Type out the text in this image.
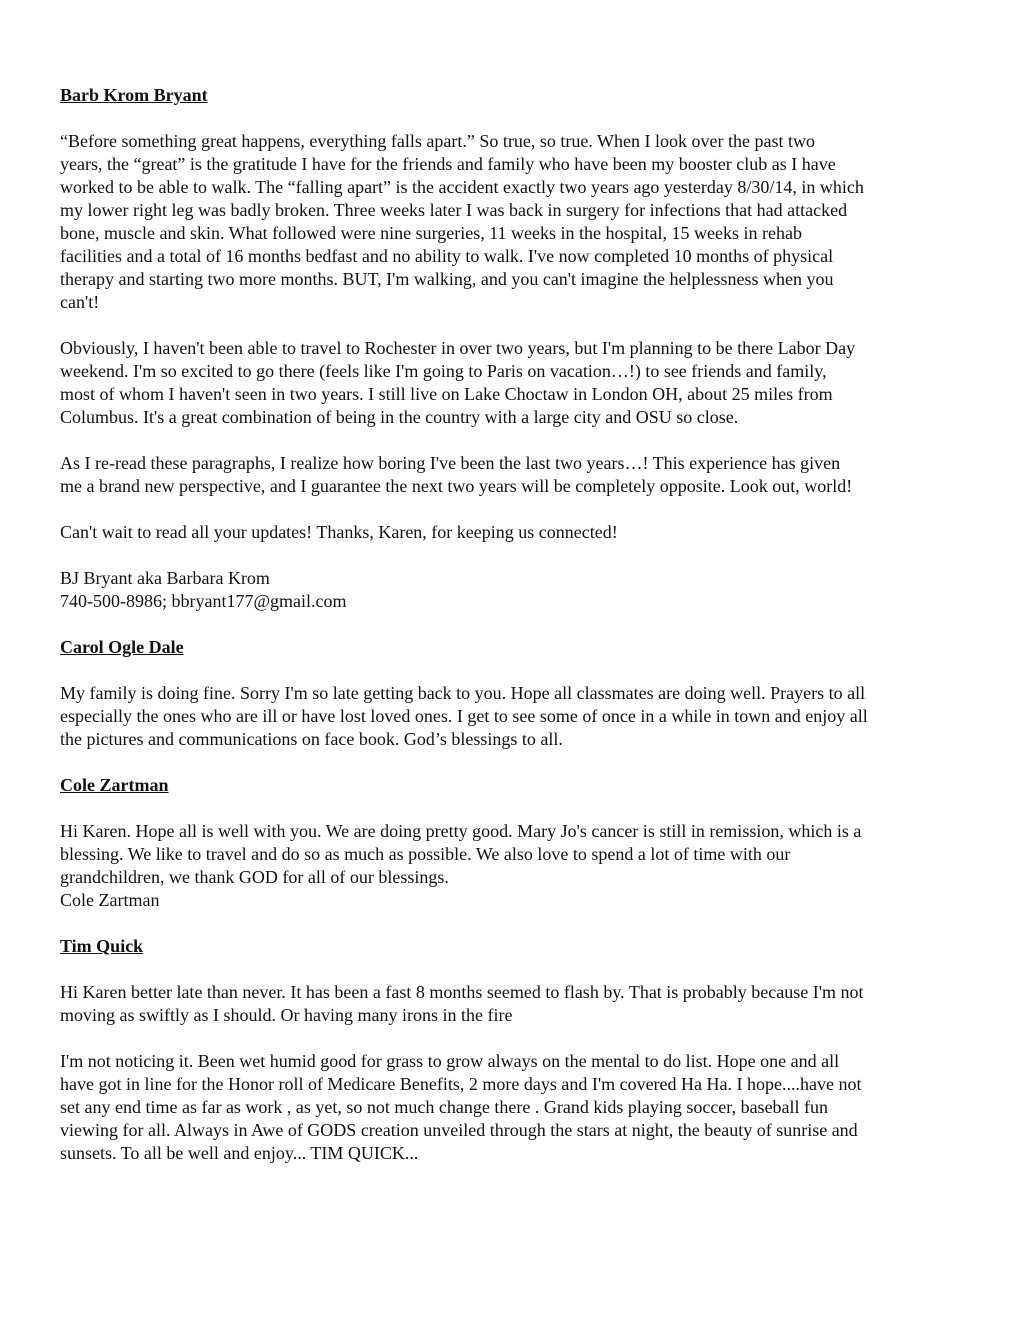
Barb Krom Bryant
“Before something great happens, everything falls apart.” So true, so true. When I look over the past two
years, the “great” is the gratitude I have for the friends and family who have been my booster club as I have
worked to be able to walk. The “falling apart” is the accident exactly two years ago yesterday 8/30/14, in which
my lower right leg was badly broken. Three weeks later I was back in surgery for infections that had attacked
bone, muscle and skin. What followed were nine surgeries, 11 weeks in the hospital, 15 weeks in rehab
facilities and a total of 16 months bedfast and no ability to walk. I've now completed 10 months of physical
therapy and starting two more months. BUT, I'm walking, and you can't imagine the helplessness when you
can't!
Obviously, I haven't been able to travel to Rochester in over two years, but I'm planning to be there Labor Day
weekend. I'm so excited to go there (feels like I'm going to Paris on vacation…!) to see friends and family,
most of whom I haven't seen in two years. I still live on Lake Choctaw in London OH, about 25 miles from
Columbus. It's a great combination of being in the country with a large city and OSU so close.
As I re-read these paragraphs, I realize how boring I've been the last two years…! This experience has given
me a brand new perspective, and I guarantee the next two years will be completely opposite. Look out, world!
Can't wait to read all your updates! Thanks, Karen, for keeping us connected!
BJ Bryant aka Barbara Krom
740-500-8986; bbryant177@gmail.com
Carol Ogle Dale
My family is doing fine. Sorry I'm so late getting back to you. Hope all classmates are doing well. Prayers to all
especially the ones who are ill or have lost loved ones. I get to see some of once in a while in town and enjoy all
the pictures and communications on face book. God’s blessings to all.
Cole Zartman
Hi Karen. Hope all is well with you. We are doing pretty good. Mary Jo's cancer is still in remission, which is a
blessing. We like to travel and do so as much as possible. We also love to spend a lot of time with our
grandchildren, we thank GOD for all of our blessings.
Cole Zartman
Tim Quick
Hi Karen better late than never. It has been a fast 8 months seemed to flash by. That is probably because I'm not
moving as swiftly as I should. Or having many irons in the fire
I'm not noticing it. Been wet humid good for grass to grow always on the mental to do list. Hope one and all
have got in line for the Honor roll of Medicare Benefits, 2 more days and I'm covered Ha Ha. I hope....have not
set any end time as far as work , as yet, so not much change there . Grand kids playing soccer, baseball fun
viewing for all. Always in Awe of GODS creation unveiled through the stars at night, the beauty of sunrise and
sunsets. To all be well and enjoy... TIM QUICK...
